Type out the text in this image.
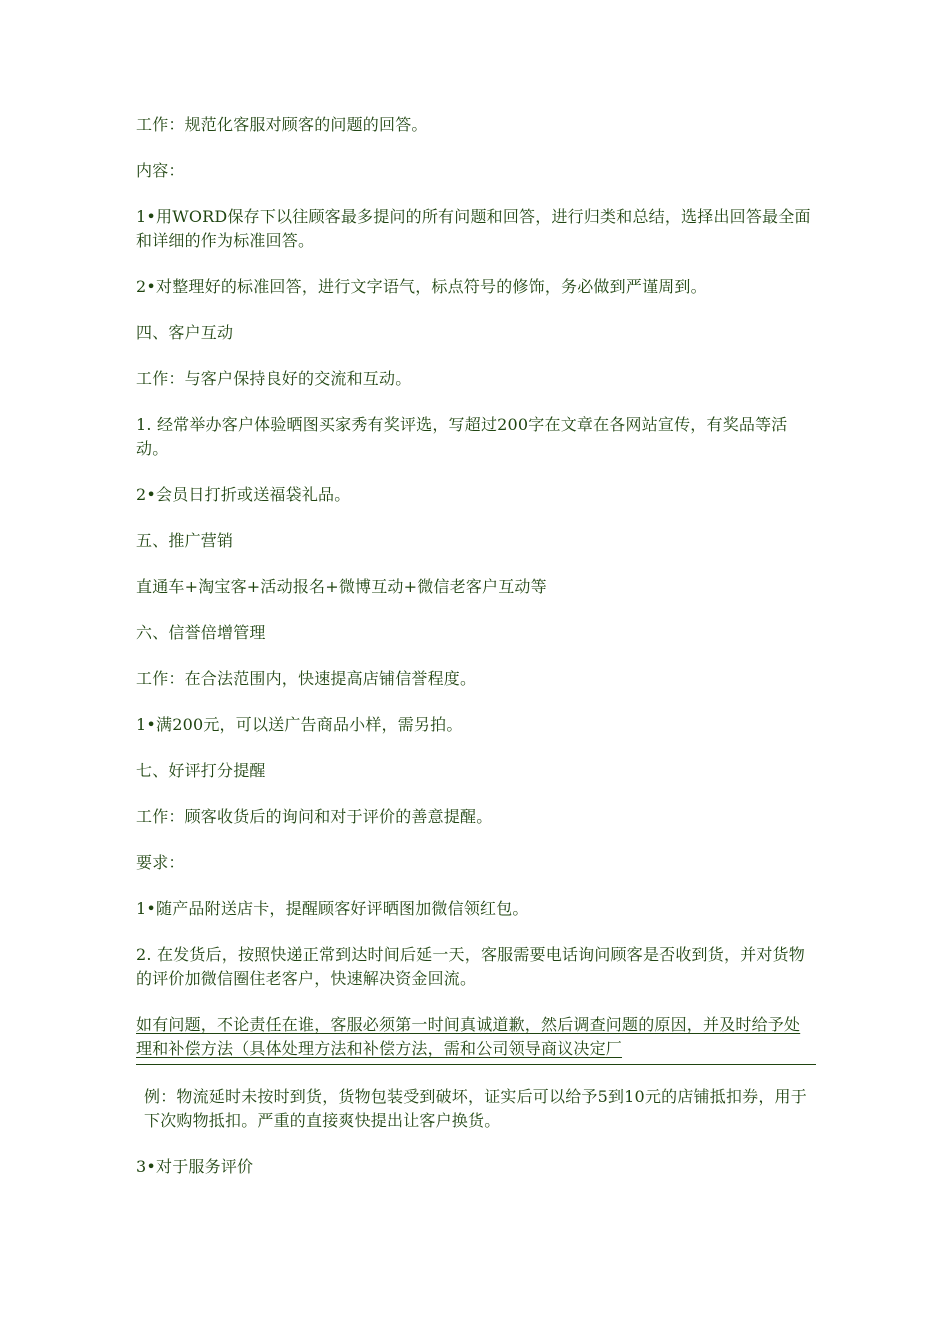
工作：规范化客服对顾客的问题的回答。

内容：

1•用WORD保存下以往顾客最多提问的所有问题和回答，进行归类和总结，选择出回答最全面和详细的作为标准回答。

2•对整理好的标准回答，进行文字语气，标点符号的修饰，务必做到严谨周到。

四、客户互动

工作：与客户保持良好的交流和互动。

1. 经常举办客户体验晒图买家秀有奖评选，写超过200字在文章在各网站宣传，有奖品等活动。

2•会员日打折或送福袋礼品。

五、推广营销

直通车+淘宝客+活动报名+微博互动+微信老客户互动等

六、信誉倍增管理

工作：在合法范围内，快速提高店铺信誉程度。

1•满200元，可以送广告商品小样，需另拍。

七、好评打分提醒

工作：顾客收货后的询问和对于评价的善意提醒。

要求：

1•随产品附送店卡，提醒顾客好评晒图加微信领红包。

2. 在发货后，按照快递正常到达时间后延一天，客服需要电话询问顾客是否收到货，并对货物的评价加微信圈住老客户，快速解决资金回流。

如有问题，不论责任在谁，客服必须第一时间真诚道歉，然后调查问题的原因，并及时给予处理和补偿方法（具体处理方法和补偿方法，需和公司领导商议决定厂

例：物流延时未按时到货，货物包装受到破坏，证实后可以给予5到10元的店铺抵扣券，用于下次购物抵扣。严重的直接爽快提出让客户换货。

3•对于服务评价
